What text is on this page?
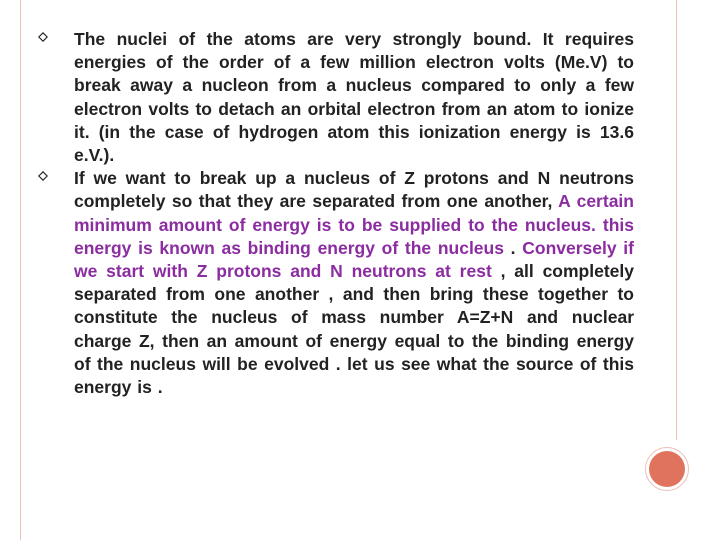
The nuclei of the atoms are very strongly bound. It requires energies of the order of a few million electron volts (Me.V) to break away a nucleon from a nucleus compared to only a few electron volts to detach an orbital electron from an atom to ionize it. (in the case of hydrogen atom this ionization energy is 13.6 e.V.).
If we want to break up a nucleus of Z protons and N neutrons completely so that they are separated from one another, A certain minimum amount of energy is to be supplied to the nucleus. this energy is known as binding energy of the nucleus . Conversely if we start with Z protons and N neutrons at rest , all completely separated from one another , and then bring these together to constitute the nucleus of mass number A=Z+N and nuclear charge Z, then an amount of energy equal to the binding energy of the nucleus will be evolved . let us see what the source of this energy is .
